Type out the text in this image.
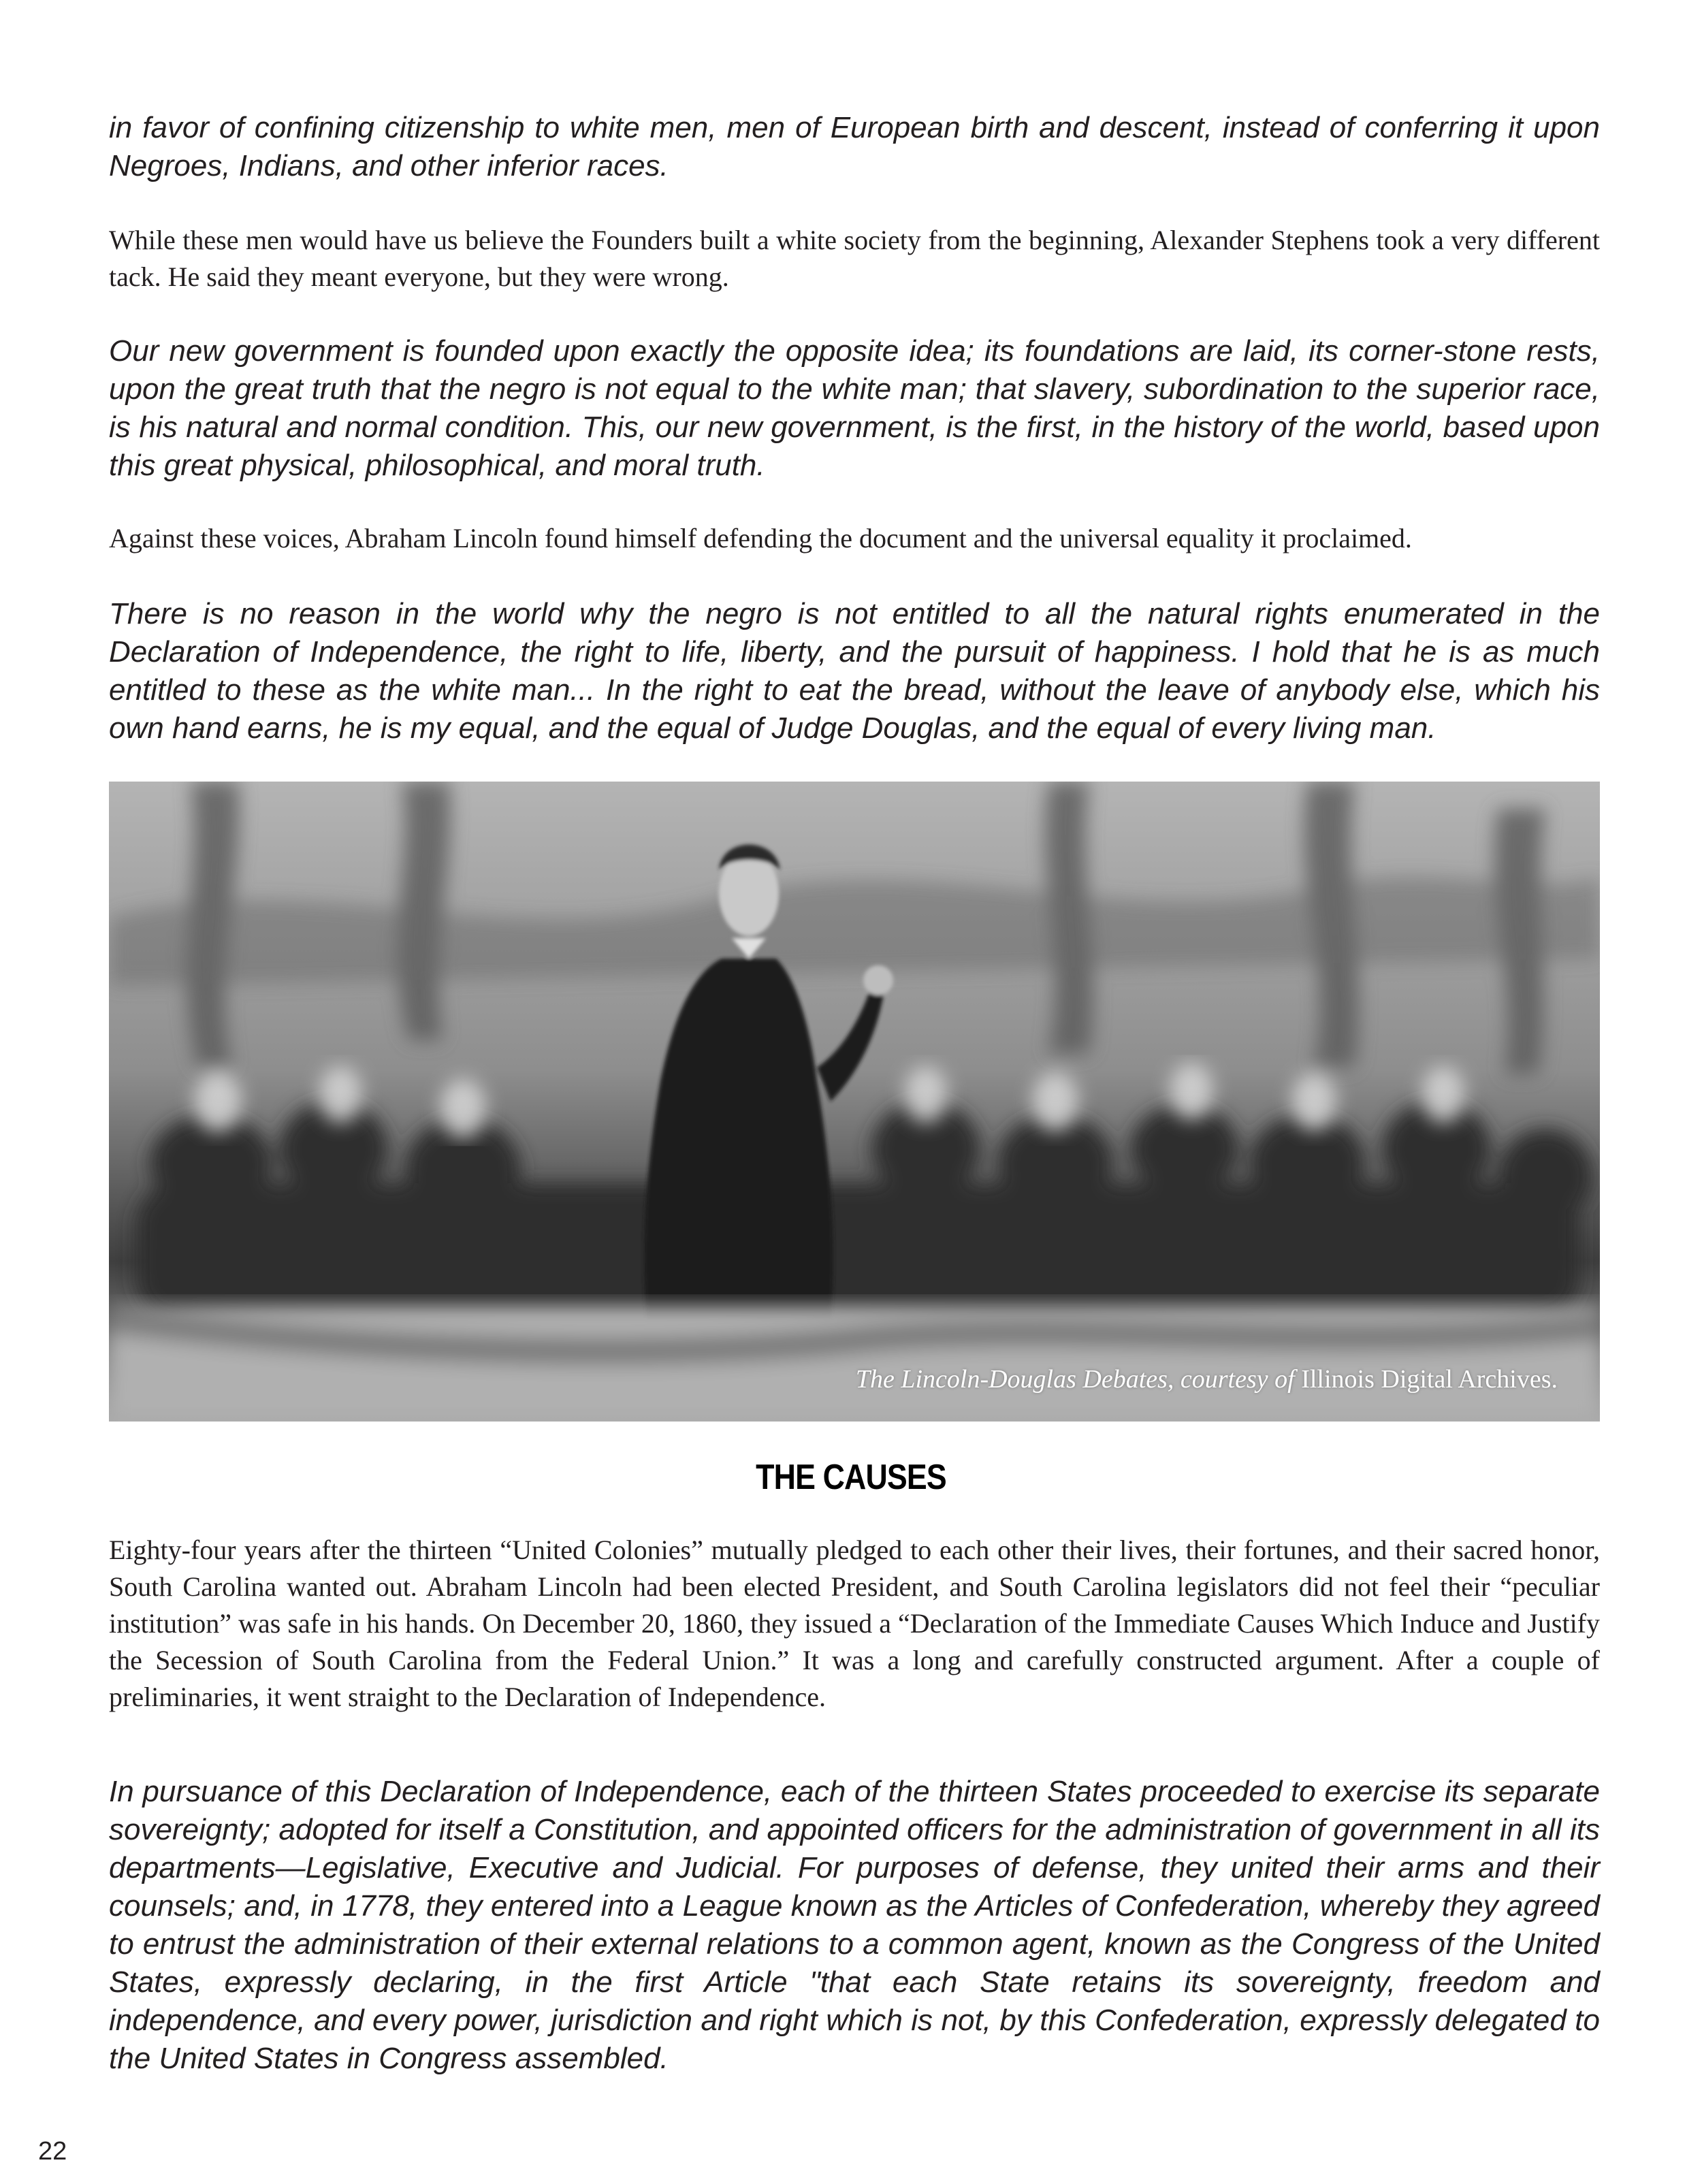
in favor of confining citizenship to white men, men of European birth and descent, instead of conferring it upon Negroes, Indians, and other inferior races.

While these men would have us believe the Founders built a white society from the beginning, Alexander Stephens took a very different tack. He said they meant everyone, but they were wrong.

Our new government is founded upon exactly the opposite idea; its foundations are laid, its corner-stone rests, upon the great truth that the negro is not equal to the white man; that slavery, subordination to the superior race, is his natural and normal condition. This, our new government, is the first, in the history of the world, based upon this great physical, philosophical, and moral truth.

Against these voices, Abraham Lincoln found himself defending the document and the universal equality it proclaimed.

There is no reason in the world why the negro is not entitled to all the natural rights enumerated in the Declaration of Independence, the right to life, liberty, and the pursuit of happiness. I hold that he is as much entitled to these as the white man... In the right to eat the bread, without the leave of anybody else, which his own hand earns, he is my equal, and the equal of Judge Douglas, and the equal of every living man.

The Lincoln-Douglas Debates, courtesy of Illinois Digital Archives.
THE CAUSES

Eighty-four years after the thirteen “United Colonies” mutually pledged to each other their lives, their fortunes, and their sacred honor, South Carolina wanted out. Abraham Lincoln had been elected President, and South Carolina legislators did not feel their “peculiar institution” was safe in his hands. On December 20, 1860, they issued a “Declaration of the Immediate Causes Which Induce and Justify the Secession of South Carolina from the Federal Union.” It was a long and carefully constructed argument. After a couple of preliminaries, it went straight to the Declaration of Independence.

In pursuance of this Declaration of Independence, each of the thirteen States proceeded to exercise its separate sovereignty; adopted for itself a Constitution, and appointed officers for the administration of government in all its departments—Legislative, Executive and Judicial. For purposes of defense, they united their arms and their counsels; and, in 1778, they entered into a League known as the Articles of Confederation, whereby they agreed to entrust the administration of their external relations to a common agent, known as the Congress of the United States, expressly declaring, in the first Article "that each State retains its sovereignty, freedom and independence, and every power, jurisdiction and right which is not, by this Confederation, expressly delegated to the United States in Congress assembled.

22
